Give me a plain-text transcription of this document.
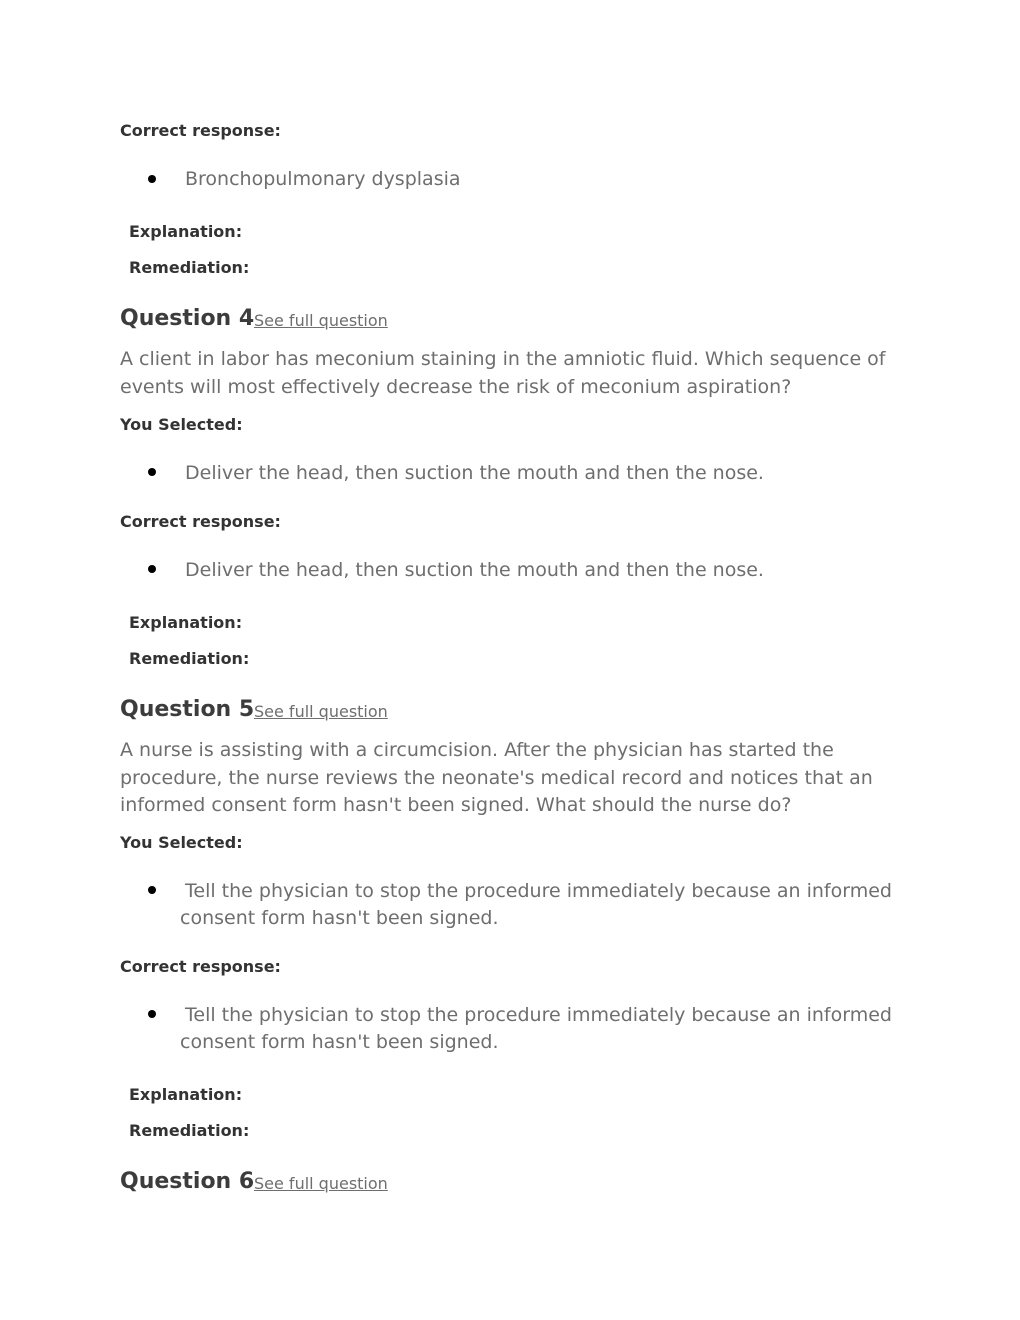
Correct response:
Bronchopulmonary dysplasia
Explanation:
Remediation:
Question 4 See full question
A client in labor has meconium staining in the amniotic fluid. Which sequence of events will most effectively decrease the risk of meconium aspiration?
You Selected:
Deliver the head, then suction the mouth and then the nose.
Correct response:
Deliver the head, then suction the mouth and then the nose.
Explanation:
Remediation:
Question 5 See full question
A nurse is assisting with a circumcision. After the physician has started the procedure, the nurse reviews the neonate's medical record and notices that an informed consent form hasn't been signed. What should the nurse do?
You Selected:
Tell the physician to stop the procedure immediately because an informed consent form hasn't been signed.
Correct response:
Tell the physician to stop the procedure immediately because an informed consent form hasn't been signed.
Explanation:
Remediation:
Question 6 See full question
